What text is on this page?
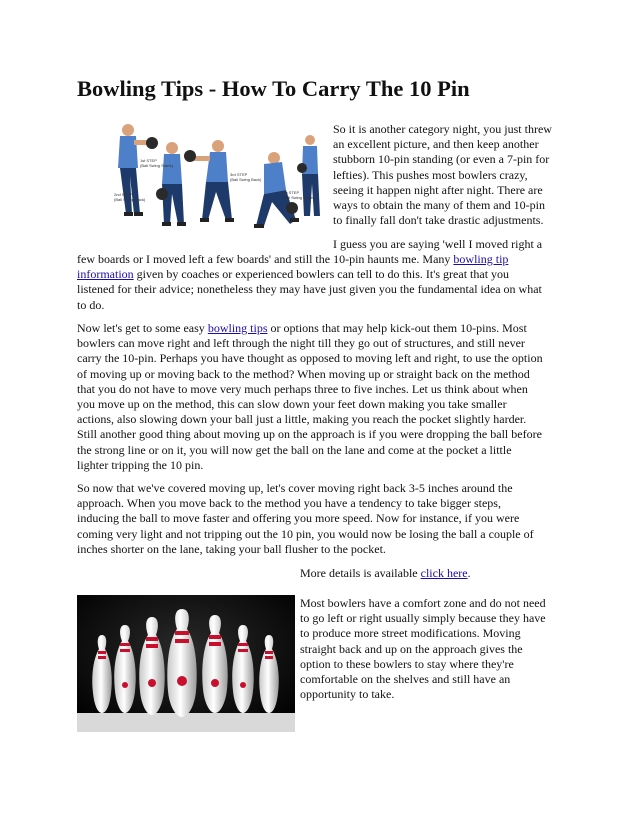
Bowling Tips - How To Carry The 10 Pin
1st STEP
(Ball Swing Starts)
2nd STEP
(Ball Swing Back)
3rd STEP
(Ball Swing Back)
4th STEP
(Ball Swing Down)
So it is another category night, you just threw
an excellent picture, and then keep another
stubborn 10-pin standing (or even a 7-pin for
lefties). This pushes most bowlers crazy,
seeing it happen night after night. There are
ways to obtain the many of them and 10-pin
to finally fall don't take drastic adjustments.
I guess you are saying 'well I moved right a
few boards or I moved left a few boards' and still the 10-pin haunts me. Many bowling tip
information given by coaches or experienced bowlers can tell to do this. It's great that you
listened for their advice; nonetheless they may have just given you the fundamental idea on what
to do.
Now let's get to some easy bowling tips or options that may help kick-out them 10-pins. Most
bowlers can move right and left through the night till they go out of structures, and still never
carry the 10-pin. Perhaps you have thought as opposed to moving left and right, to use the option
of moving up or moving back to the method? When moving up or straight back on the method
that you do not have to move very much perhaps three to five inches. Let us think about when
you move up on the method, this can slow down your feet down making you take smaller
actions, also slowing down your ball just a little, making you reach the pocket slightly harder.
Still another good thing about moving up on the approach is if you were dropping the ball before
the strong line or on it, you will now get the ball on the lane and come at the pocket a little
lighter tripping the 10 pin.
So now that we've covered moving up, let's cover moving right back 3-5 inches around the
approach. When you move back to the method you have a tendency to take bigger steps,
inducing the ball to move faster and offering you more speed. Now for instance, if you were
coming very light and not tripping out the 10 pin, you would now be losing the ball a couple of
inches shorter on the lane, taking your ball flusher to the pocket.
More details is available click here.
Most bowlers have a comfort zone and do not need
to go left or right usually simply because they have
to produce more street modifications. Moving
straight back and up on the approach gives the
option to these bowlers to stay where they're
comfortable on the shelves and still have an
opportunity to take.
